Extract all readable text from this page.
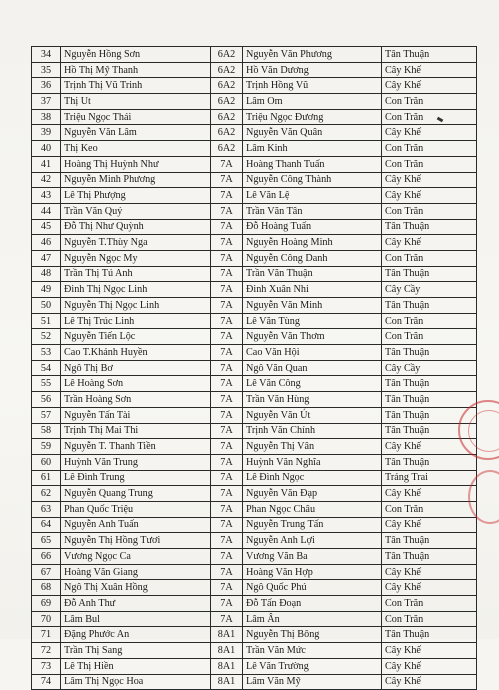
34	Nguyễn Hồng Sơn	6A2	Nguyễn Văn Phương	Tân Thuận
35	Hồ Thị Mỹ Thanh	6A2	Hồ Văn Dương	Cây Khế
36	Trịnh Thị Vũ Trinh	6A2	Trịnh Hồng Vũ	Cây Khế
37	Thị Ut	6A2	Lâm Om	Con Trăn
38	Triệu Ngọc Thái	6A2	Triệu Ngọc Đương	Con Trăn
39	Nguyễn Văn Lâm	6A2	Nguyễn Văn Quân	Cây Khế
40	Thị Keo	6A2	Lâm Kinh	Con Trăn
41	Hoàng Thị Huỳnh Như	7A	Hoàng Thanh Tuấn	Con Trăn
42	Nguyễn Minh Phương	7A	Nguyễn Công Thành	Cây Khế
43	Lê Thị Phượng	7A	Lê Văn Lệ	Cây Khế
44	Trần Văn Quý	7A	Trần Văn Tân	Con Trăn
45	Đỗ Thị Như Quỳnh	7A	Đỗ Hoàng Tuấn	Tân Thuận
46	Nguyễn T.Thùy Nga	7A	Nguyễn Hoàng Minh	Cây Khế
47	Nguyễn Ngọc My	7A	Nguyễn Công Danh	Con Trăn
48	Trần Thị Tú Anh	7A	Trần Văn Thuận	Tân Thuận
49	Đinh Thị Ngọc Linh	7A	Đinh Xuân Nhi	Cây Cầy
50	Nguyễn Thị Ngọc Linh	7A	Nguyễn Văn Minh	Tân Thuận
51	Lê Thị Trúc Linh	7A	Lê Văn Tùng	Con Trăn
52	Nguyễn Tiến Lộc	7A	Nguyễn Văn Thơm	Con Trăn
53	Cao T.Khánh Huyền	7A	Cao Văn Hội	Tân Thuận
54	Ngô Thị Bơ	7A	Ngô Văn Quan	Cây Cầy
55	Lê Hoàng Sơn	7A	Lê Văn Công	Tân Thuận
56	Trần Hoàng Sơn	7A	Trần Văn Hùng	Tân Thuận
57	Nguyễn Tấn Tài	7A	Nguyễn Văn Út	Tân Thuận
58	Trịnh Thị Mai Thi	7A	Trịnh Văn Chính	Tân Thuận
59	Nguyễn T. Thanh Tiền	7A	Nguyễn Thị Vân	Cây Khế
60	Huỳnh Văn Trung	7A	Huỳnh Văn Nghĩa	Tân Thuận
61	Lê Đình Trung	7A	Lê Đình Ngọc	Trảng Trai
62	Nguyễn Quang Trung	7A	Nguyễn Văn Đạp	Cây Khế
63	Phan Quốc Triệu	7A	Phan Ngọc Châu	Con Trăn
64	Nguyễn Anh Tuấn	7A	Nguyễn Trung Tấn	Cây Khế
65	Nguyễn Thị Hồng Tươi	7A	Nguyễn Anh Lợi	Tân Thuận
66	Vương Ngọc Ca	7A	Vương Văn Ba	Tân Thuận
67	Hoàng Văn Giang	7A	Hoàng Văn Hợp	Cây Khế
68	Ngô Thị Xuân Hồng	7A	Ngô Quốc Phú	Cây Khế
69	Đỗ Anh Thư	7A	Đỗ Tấn Đoạn	Con Trăn
70	Lâm Bul	7A	Lâm Ân	Con Trăn
71	Đặng Phước An	8A1	Nguyễn Thị Bông	Tân Thuận
72	Trần Thị Sang	8A1	Trần Văn Mức	Cây Khế
73	Lê Thị Hiền	8A1	Lê Văn Trường	Cây Khế
74	Lâm Thị Ngọc Hoa	8A1	Lâm Văn Mỹ	Cây Khế
